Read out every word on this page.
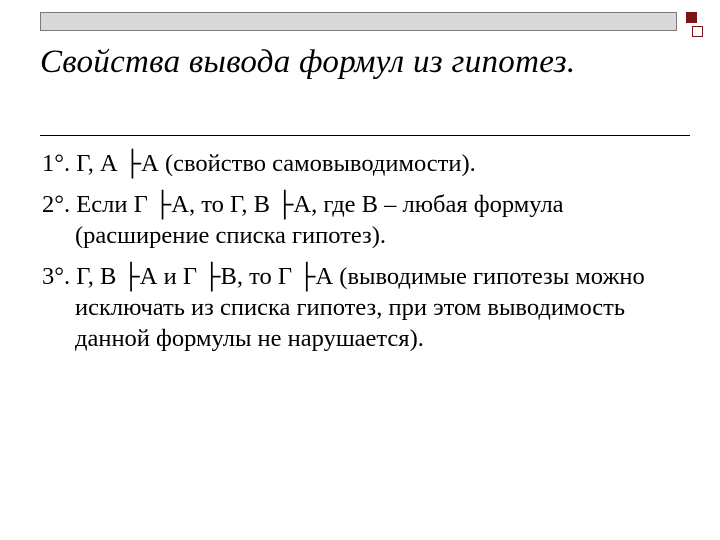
Свойства вывода формул из гипотез.

1°. Г, А ├А (свойство самовыводимости).

2°. Если Г ├А, то Г, В ├А, где В – любая формула (расширение списка гипотез).

3°. Г, В ├А и Г ├В, то Г ├А (выводимые гипотезы можно исключать из списка гипотез, при этом выводимость данной формулы не нарушается).
